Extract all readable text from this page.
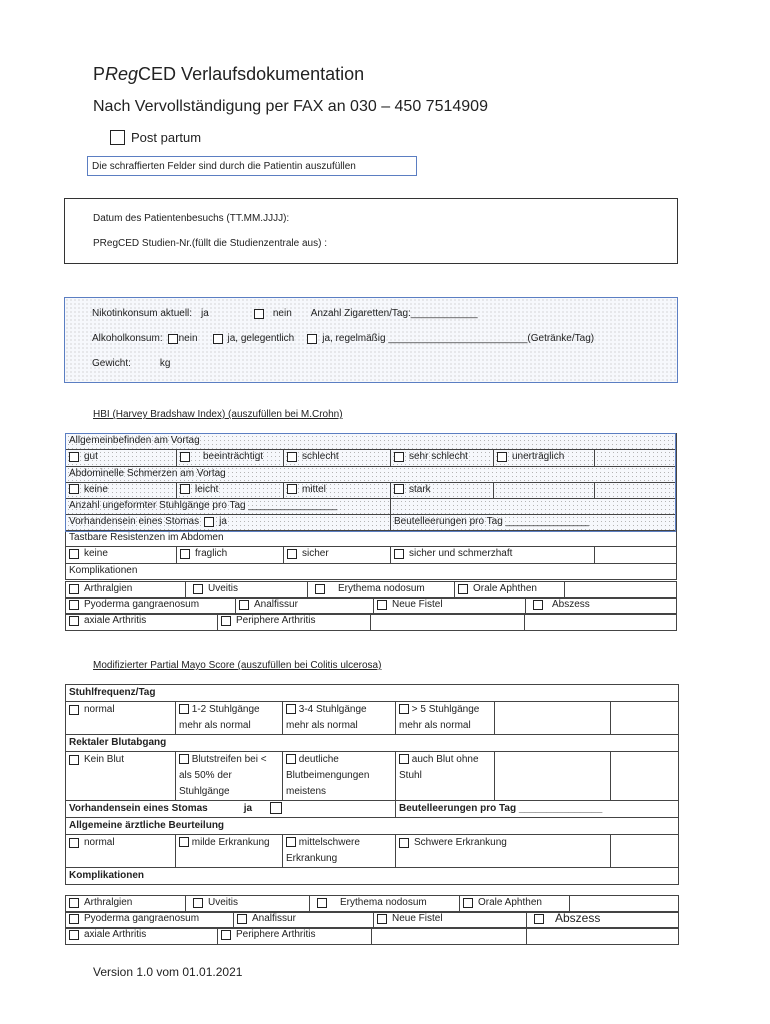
PRegCED Verlaufsdokumentation
Nach Vervollständigung per FAX an 030 – 450 7514909
Post partum
Die schraffierten Felder sind durch die Patientin auszufüllen
Datum des Patientenbesuchs (TT.MM.JJJJ):
PRegCED Studien-Nr.(füllt die Studienzentrale aus) :
Nikotinkonsum aktuell: ja	nein Anzahl Zigaretten/Tag:____________
Alkoholkonsum: nein	ja, gelegentlich	ja, regelmäßig _________________________(Getränke/Tag)
Gewicht:	kg
HBI (Harvey Bradshaw Index) (auszufüllen bei M.Crohn)
Allgemeinbefinden am Vortag					

gut	beeinträchtigt	schlecht	sehr schlecht	unerträglich	

Abdominelle Schmerzen am Vortag					

keine	leicht	mittel	stark		

Anzahl ungeformter Stuhlgänge pro Tag ________________					

Vorhandensein eines Stomas ja			Beutelleerungen pro Tag _______________		
Tastbare Resistenzen im Abdomen					

keine	fraglich	sicher	sicher und schmerzhaft		

Komplikationen					
Arthralgien	Uveitis	Erythema nodosum	Orale Aphthen

Pyoderma gangraenosum	Analfissur	Neue Fistel	Abszess
axiale Arthritis	Periphere Arthritis

Modifizierter Partial Mayo Score (auszufüllen bei Colitis ulcerosa)
Stuhlfrequenz/Tag					

normal	1-2 Stuhlgänge mehr als normal	3-4 Stuhlgänge mehr als normal	> 5 Stuhlgänge mehr als normal		
Rektaler Blutabgang					

Kein Blut	Blutstreifen bei < als 50% der Stuhlgänge	deutliche Blutbeimengungen meistens	auch Blut ohne Stuhl		
Vorhandensein eines Stomas ja			Beutelleerungen pro Tag _______________		
Allgemeine ärztliche Beurteilung					

normal	milde Erkrankung	mittelschwere Erkrankung	Schwere Erkrankung		

Komplikationen					
Arthralgien	Uveitis	Erythema nodosum	Orale Aphthen

Pyoderma gangraenosum	Analfissur	Neue Fistel	Abszess
axiale Arthritis	Periphere Arthritis

Version 1.0 vom 01.01.2021
